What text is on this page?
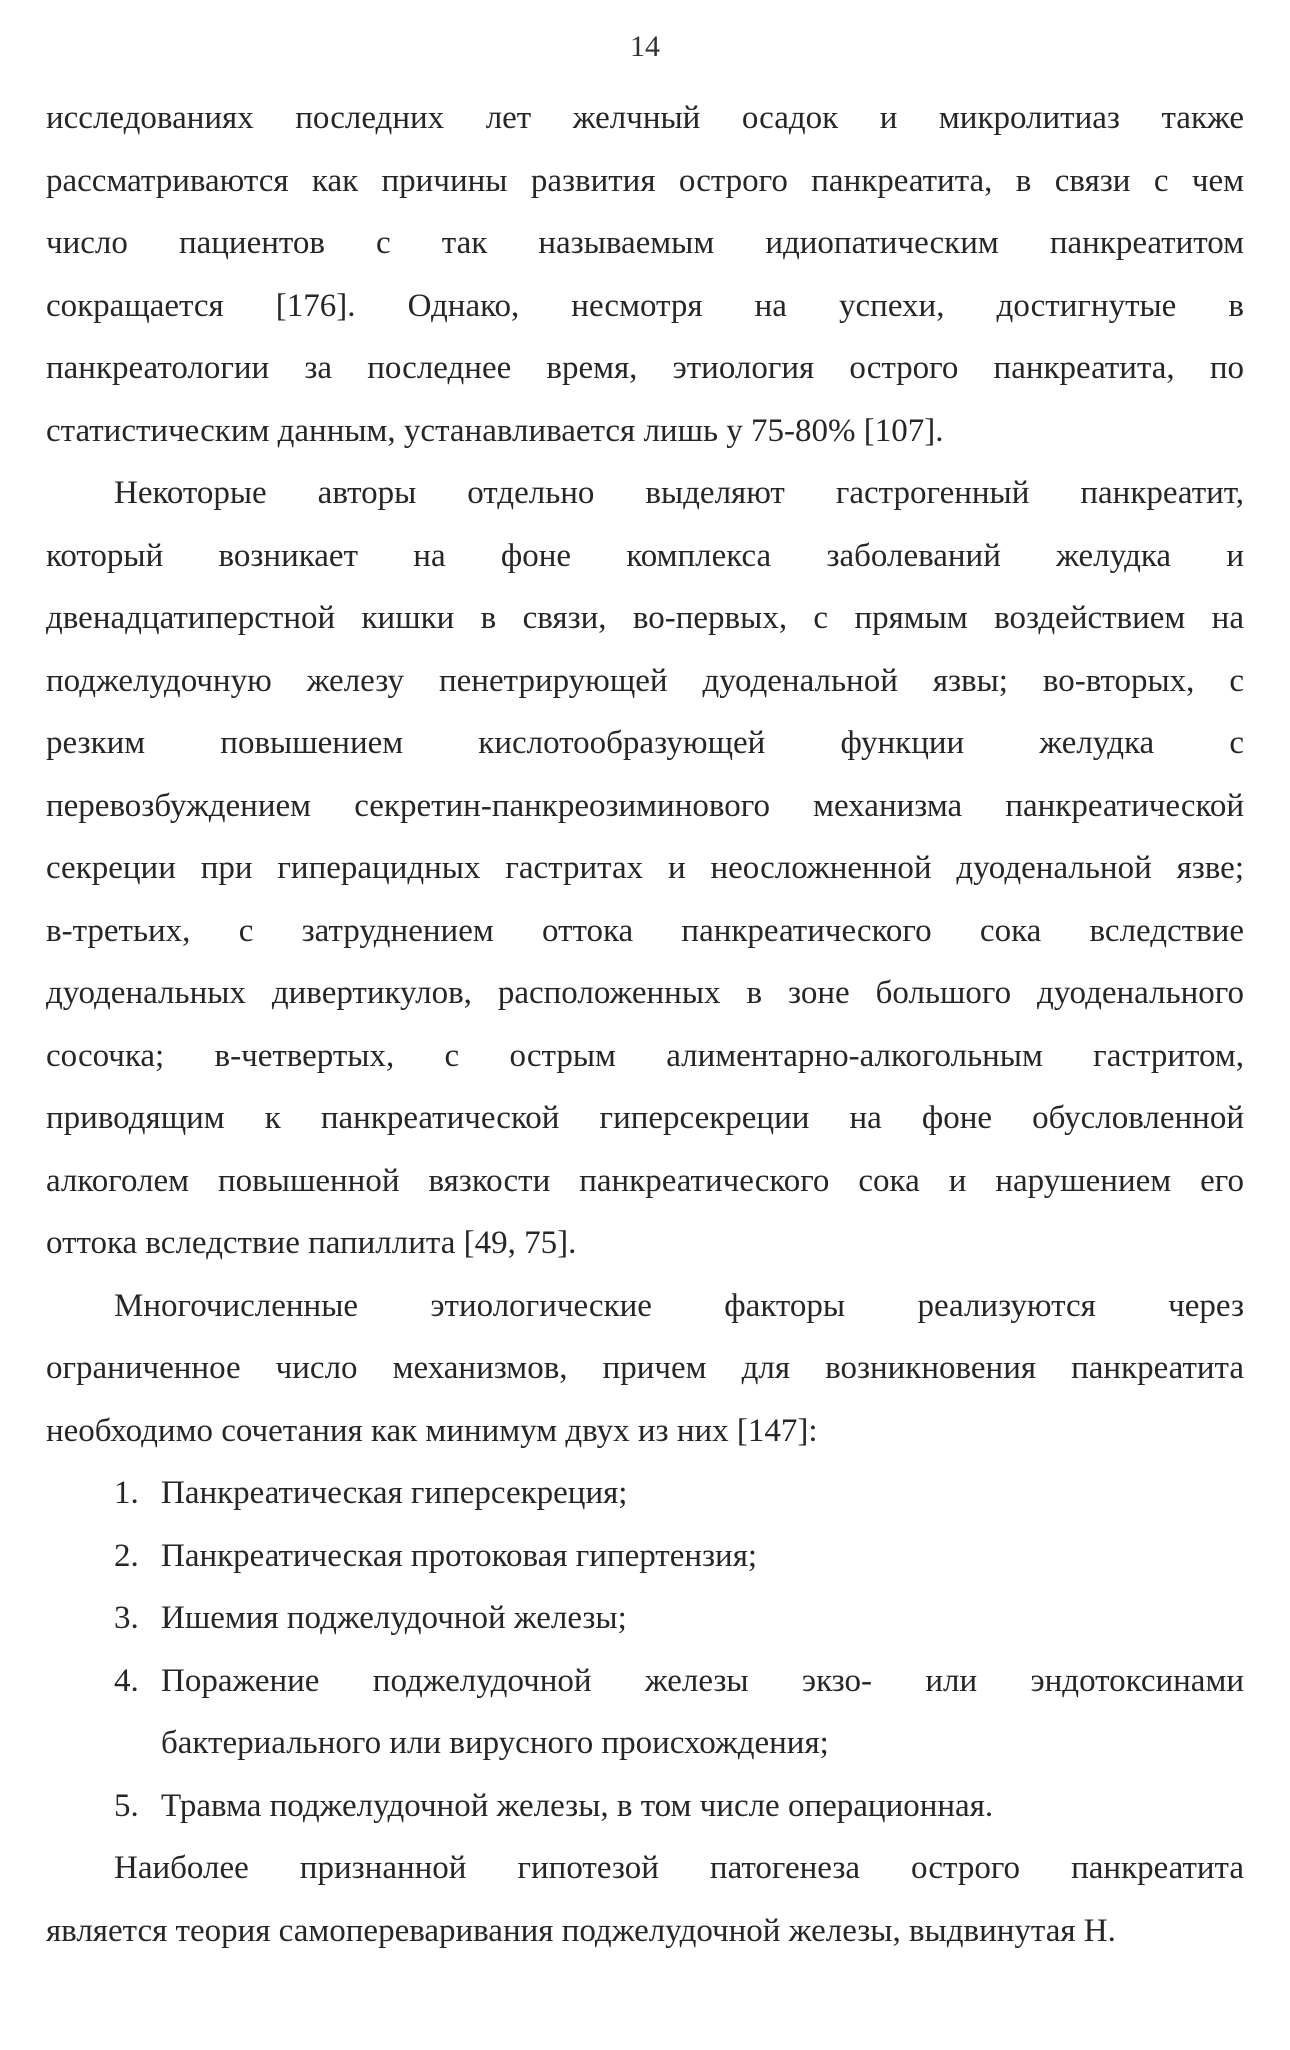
14
исследованиях последних лет желчный осадок и микролитиаз также
рассматриваются как причины развития острого панкреатита, в связи с чем
число пациентов с так называемым идиопатическим панкреатитом
сокращается [176]. Однако, несмотря на успехи, достигнутые в
панкреатологии за последнее время, этиология острого панкреатита, по
статистическим данным, устанавливается лишь у 75-80% [107].
Некоторые авторы отдельно выделяют гастрогенный панкреатит,
который возникает на фоне комплекса заболеваний желудка и
двенадцатиперстной кишки в связи, во-первых, с прямым воздействием на
поджелудочную железу пенетрирующей дуоденальной язвы; во-вторых, с
резким повышением кислотообразующей функции желудка с
перевозбуждением секретин-панкреозиминового механизма панкреатической
секреции при гиперацидных гастритах и неосложненной дуоденальной язве;
в-третьих, с затруднением оттока панкреатического сока вследствие
дуоденальных дивертикулов, расположенных в зоне большого дуоденального
сосочка; в-четвертых, с острым алиментарно-алкогольным гастритом,
приводящим к панкреатической гиперсекреции на фоне обусловленной
алкоголем повышенной вязкости панкреатического сока и нарушением его
оттока вследствие папиллита [49, 75].
Многочисленные этиологические факторы реализуются через
ограниченное число механизмов, причем для возникновения панкреатита
необходимо сочетания как минимум двух из них [147]:
1. Панкреатическая гиперсекреция;
2. Панкреатическая протоковая гипертензия;
3. Ишемия поджелудочной железы;
4. Поражение поджелудочной железы экзо- или эндотоксинами
бактериального или вирусного происхождения;
5. Травма поджелудочной железы, в том числе операционная.
Наиболее признанной гипотезой патогенеза острого панкреатита
является теория самопереваривания поджелудочной железы, выдвинутая Н.
